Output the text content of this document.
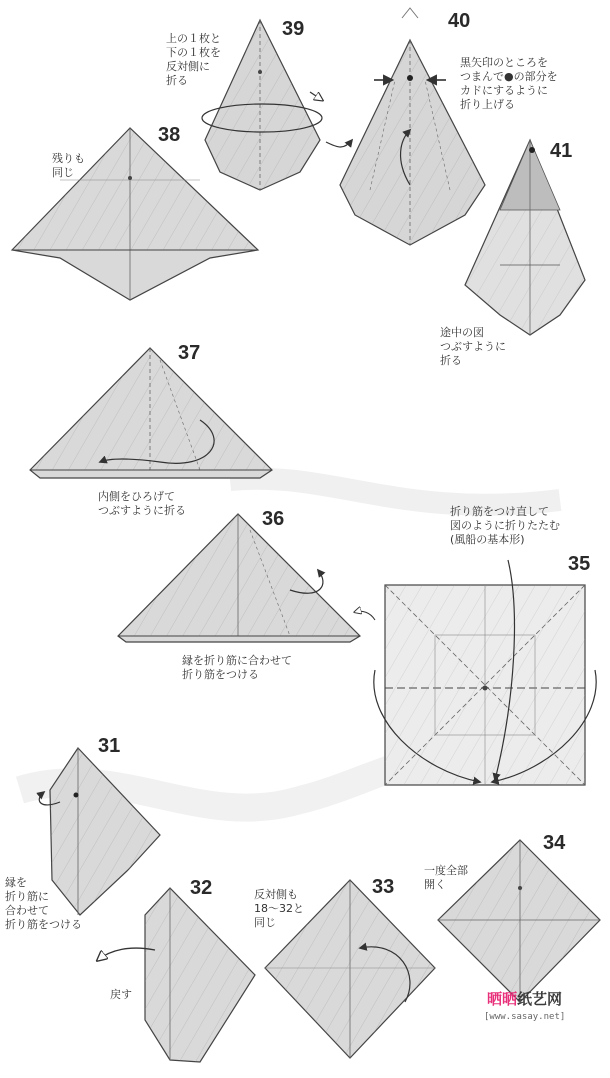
39	40
41
38
37
36
35
31
32	33
34
上の１枚と
下の１枚を
反対側に
折る
黒矢印のところを
つまんで●の部分を
カドにするように
折り上げる
途中の図
つぶすように
折る
残りも
同じ
内側をひろげて
つぶすように折る
縁を折り筋に合わせて
折り筋をつける
折り筋をつけ直して
図のように折りたたむ
(風船の基本形)
縁を
折り筋に
合わせて
折り筋をつける
戻す
反対側も
18～32と
同じ
一度全部
開く
晒晒纸艺网
[www.sasay.net]
